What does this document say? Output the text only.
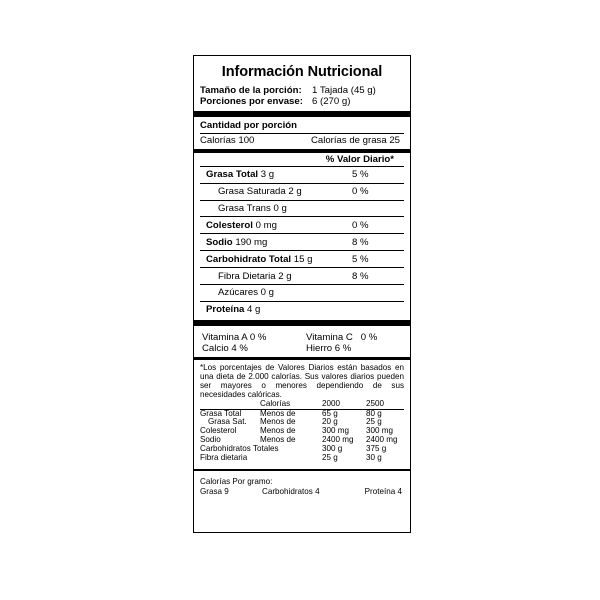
Información Nutricional
Tamaño de la porción: 1 Tajada (45 g)
Porciones por envase: 6 (270 g)
Cantidad por porción
Calorías 100	Calorías de grasa 25
% Valor Diario*
Grasa Total 3 g	5 %
Grasa Saturada 2 g	0 %
Grasa Trans 0 g
Colesterol 0 mg	0 %
Sodio 190 mg	8 %
Carbohidrato Total 15 g	5 %
Fibra Dietaria 2 g	8 %
Azúcares 0 g
Proteína 4 g
Vitamina A 0 %	Vitamina C   0 %
Calcio 4 %	Hierro 6 %
*Los porcentajes de Valores Diarios están basados en una dieta de 2.000 calorías. Sus valores diarios pueden ser mayores o menores dependiendo de sus necesidades calóricas.
	Calorías	2000	2500
Grasa Total	Menos de	65 g	80 g
Grasa Sat.	Menos de	20 g	25 g
Colesterol	Menos de	300 mg	300 mg
Sodio	Menos de	2400 mg	2400 mg
Carbohidratos Totales		300 g	375 g
Fibra dietaria		25 g	30 g
Calorías Por gramo:
Grasa 9	Carbohidratos 4	Proteína 4
